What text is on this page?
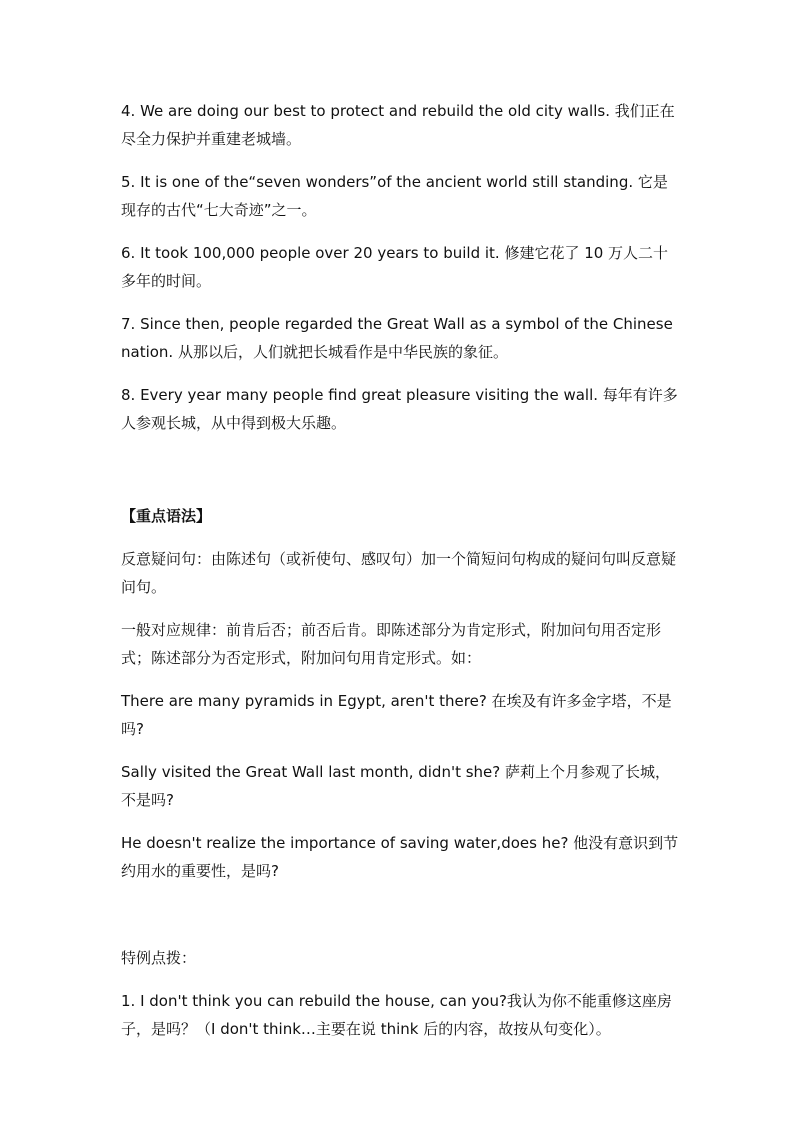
4. We are doing our best to protect and rebuild the old city walls. 我们正在尽全力保护并重建老城墙。

5. It is one of the“seven wonders”of the ancient world still standing. 它是现存的古代“七大奇迹”之一。

6. It took 100,000 people over 20 years to build it. 修建它花了 10 万人二十多年的时间。

7. Since then, people regarded the Great Wall as a symbol of the Chinese nation. 从那以后，人们就把长城看作是中华民族的象征。

8. Every year many people find great pleasure visiting the wall. 每年有许多人参观长城，从中得到极大乐趣。

【重点语法】

反意疑问句：由陈述句（或祈使句、感叹句）加一个简短问句构成的疑问句叫反意疑问句。

一般对应规律：前肯后否；前否后肯。即陈述部分为肯定形式，附加问句用否定形式；陈述部分为否定形式，附加问句用肯定形式。如：

There are many pyramids in Egypt, aren't there? 在埃及有许多金字塔，不是吗?

Sally visited the Great Wall last month, didn't she? 萨莉上个月参观了长城，不是吗?

He doesn't realize the importance of saving water,does he? 他没有意识到节约用水的重要性，是吗?

特例点拨：

1. I don't think you can rebuild the house, can you?我认为你不能重修这座房子，是吗？（I don't think…主要在说 think 后的内容，故按从句变化）。
